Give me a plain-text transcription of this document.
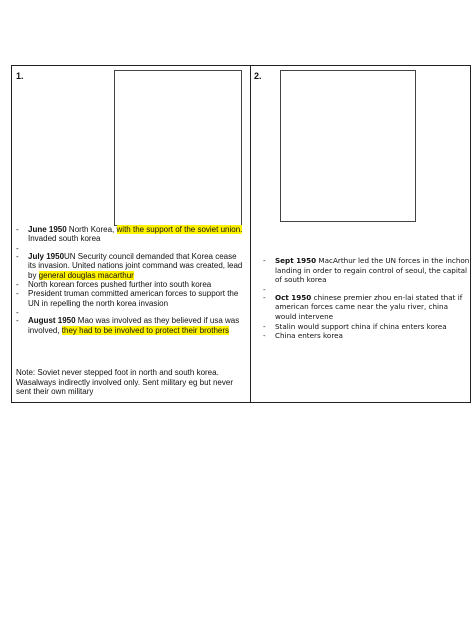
1.
- June 1950 North Korea, with the support of the soviet union. Invaded south korea
-
- July 1950UN Security council demanded that Korea cease its invasion. United nations joint command was created, lead by general douglas macarthur
- North korean forces pushed further into south korea
- President truman committed american forces to support the UN in repelling the north korea invasion
-
- August 1950 Mao was involved as they believed if usa was involved, they had to be involved to protect their brothers
Note: Soviet never stepped foot in north and south korea. Wasalways indirectly involved only. Sent military eg but never sent their own military
2.
- Sept 1950 MacArthur led the UN forces in the inchon landing in order to regain control of seoul, the capital of south korea
-
- Oct 1950 chinese premier zhou en-lai stated that if american forces came near the yalu river, china would intervene
- Stalin would support china if china enters korea
- China enters korea
